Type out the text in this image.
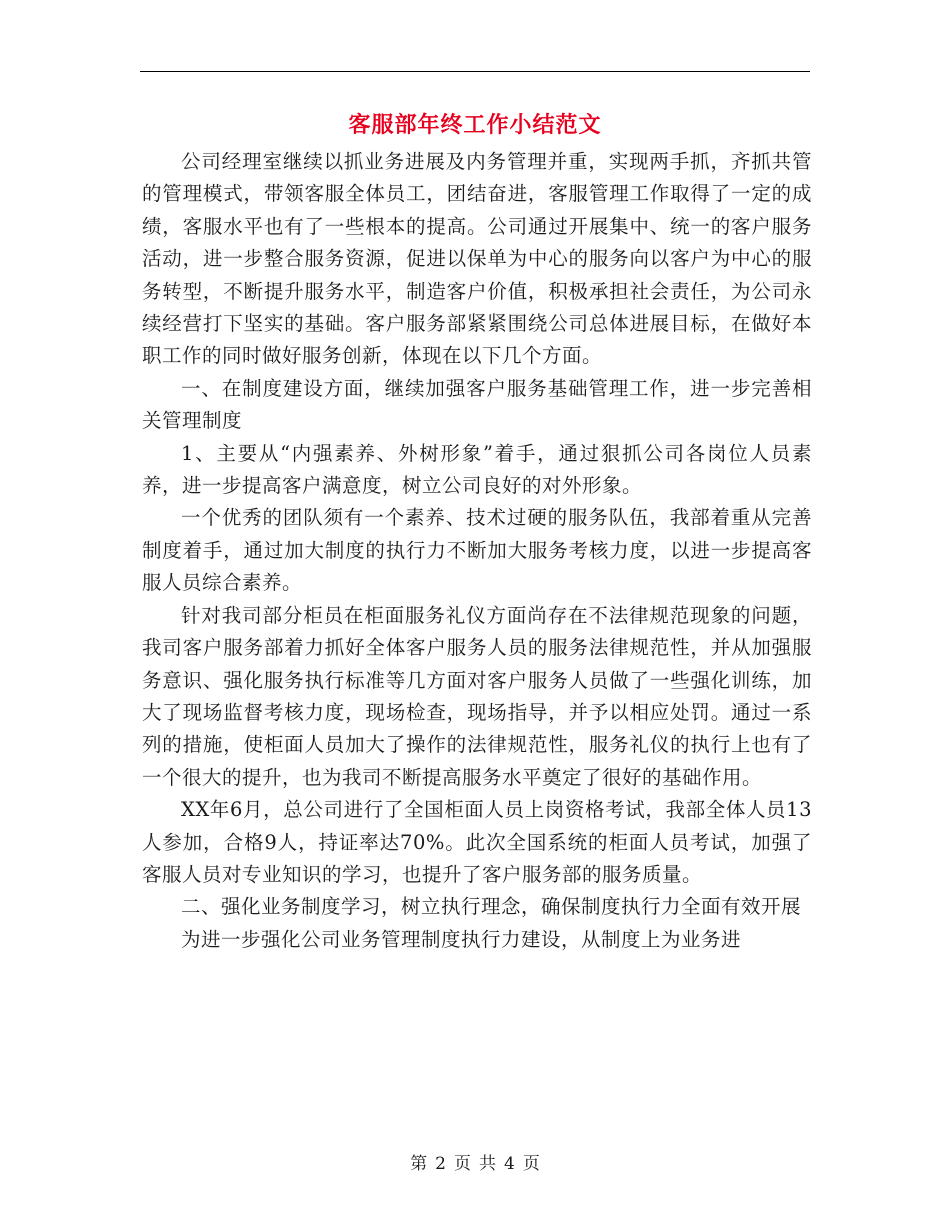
客服部年终工作小结范文

公司经理室继续以抓业务进展及内务管理并重，实现两手抓，齐抓共管的管理模式，带领客服全体员工，团结奋进，客服管理工作取得了一定的成绩，客服水平也有了一些根本的提高。公司通过开展集中、统一的客户服务活动，进一步整合服务资源，促进以保单为中心的服务向以客户为中心的服务转型，不断提升服务水平，制造客户价值，积极承担社会责任，为公司永续经营打下坚实的基础。客户服务部紧紧围绕公司总体进展目标，在做好本职工作的同时做好服务创新，体现在以下几个方面。

一、在制度建设方面，继续加强客户服务基础管理工作，进一步完善相关管理制度

1、主要从“内强素养、外树形象”着手，通过狠抓公司各岗位人员素养，进一步提高客户满意度，树立公司良好的对外形象。

一个优秀的团队须有一个素养、技术过硬的服务队伍，我部着重从完善制度着手，通过加大制度的执行力不断加大服务考核力度，以进一步提高客服人员综合素养。

针对我司部分柜员在柜面服务礼仪方面尚存在不法律规范现象的问题，我司客户服务部着力抓好全体客户服务人员的服务法律规范性，并从加强服务意识、强化服务执行标准等几方面对客户服务人员做了一些强化训练，加大了现场监督考核力度，现场检查，现场指导，并予以相应处罚。通过一系列的措施，使柜面人员加大了操作的法律规范性，服务礼仪的执行上也有了一个很大的提升，也为我司不断提高服务水平奠定了很好的基础作用。

XX年6月，总公司进行了全国柜面人员上岗资格考试，我部全体人员13人参加，合格9人，持证率达70%。此次全国系统的柜面人员考试，加强了客服人员对专业知识的学习，也提升了客户服务部的服务质量。

二、强化业务制度学习，树立执行理念，确保制度执行力全面有效开展

为进一步强化公司业务管理制度执行力建设，从制度上为业务进

第 2 页 共 4 页
